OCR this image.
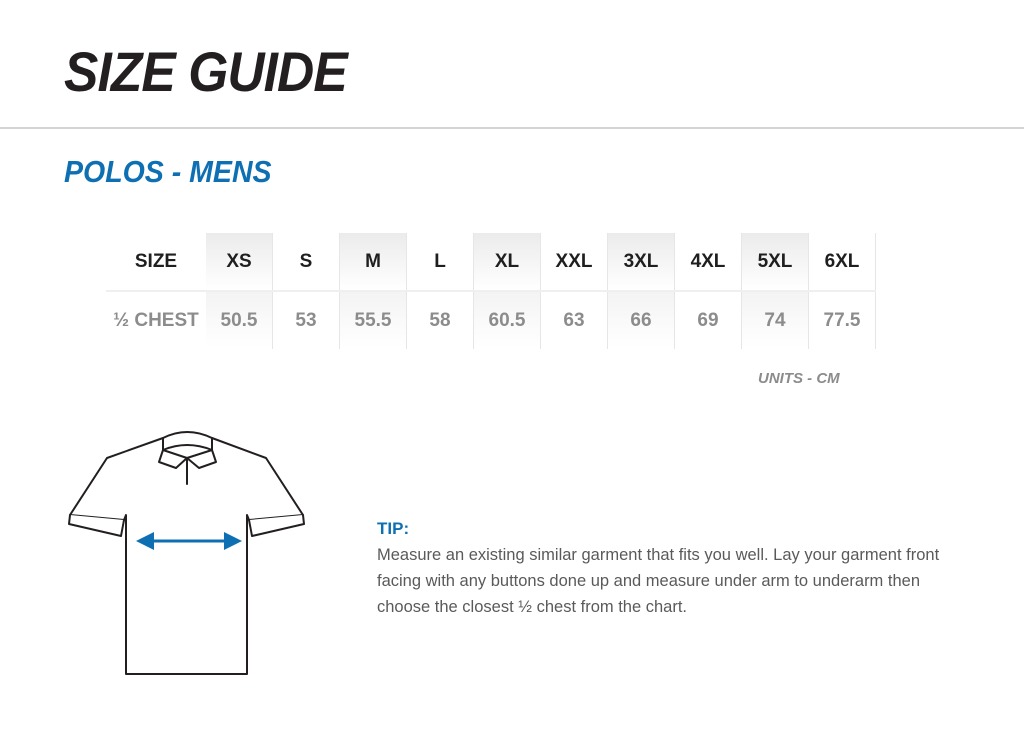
SIZE GUIDE
POLOS - MENS
SIZE	XS	S	M	L	XL	XXL	3XL	4XL	5XL	6XL
½ CHEST	50.5	53	55.5	58	60.5	63	66	69	74	77.5
UNITS - CM
TIP:

Measure an existing similar garment that fits you well. Lay your garment front facing with any buttons done up and measure under arm to underarm then choose the closest ½ chest from the chart.
